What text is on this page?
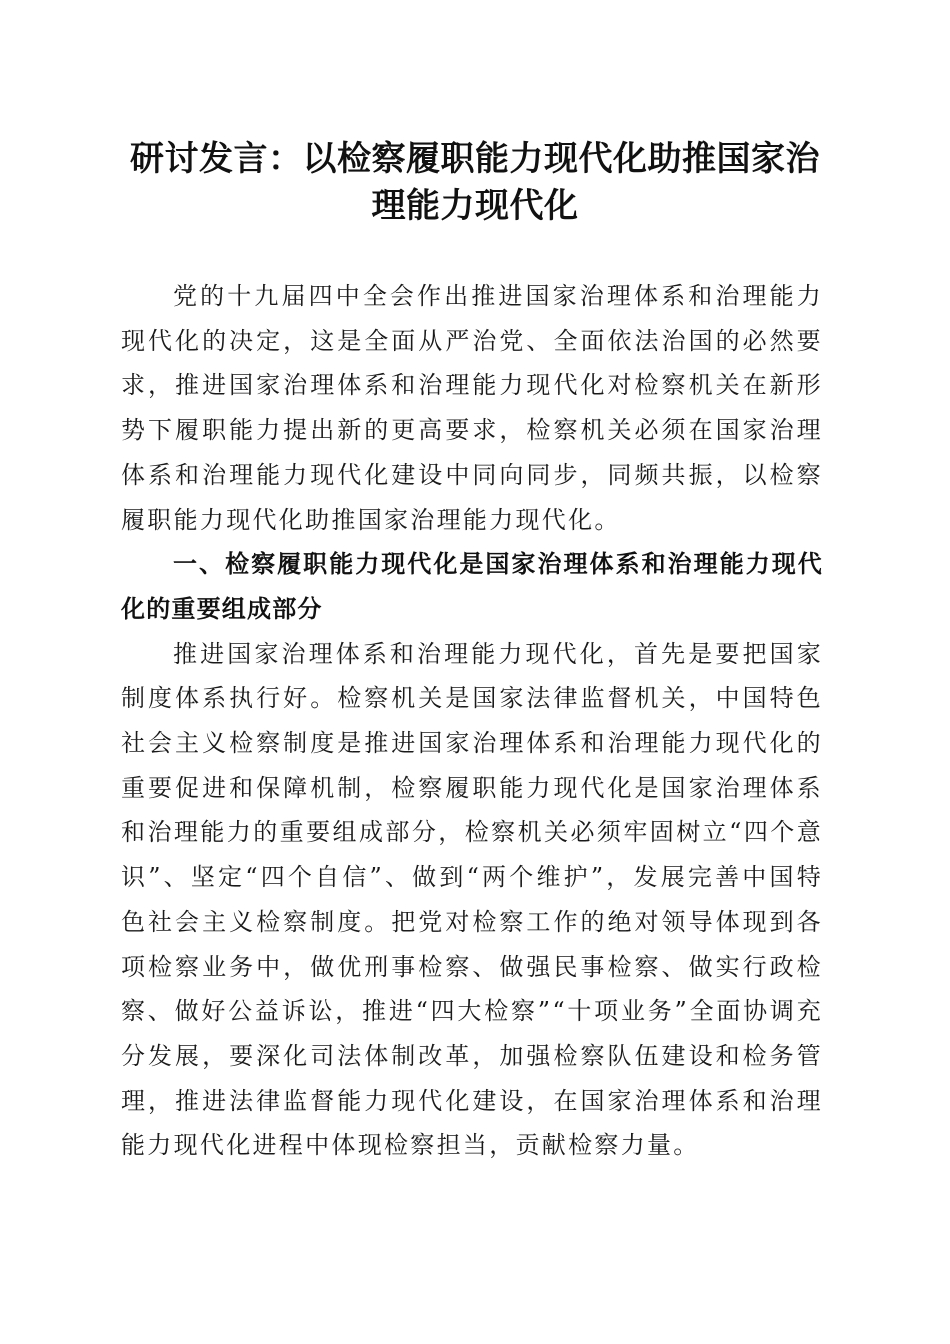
研讨发言：以检察履职能力现代化助推国家治理能力现代化

党的十九届四中全会作出推进国家治理体系和治理能力现代化的决定，这是全面从严治党、全面依法治国的必然要求，推进国家治理体系和治理能力现代化对检察机关在新形势下履职能力提出新的更高要求，检察机关必须在国家治理体系和治理能力现代化建设中同向同步，同频共振，以检察履职能力现代化助推国家治理能力现代化。

一、检察履职能力现代化是国家治理体系和治理能力现代化的重要组成部分

推进国家治理体系和治理能力现代化，首先是要把国家制度体系执行好。检察机关是国家法律监督机关，中国特色社会主义检察制度是推进国家治理体系和治理能力现代化的重要促进和保障机制，检察履职能力现代化是国家治理体系和治理能力的重要组成部分，检察机关必须牢固树立“四个意识”、坚定“四个自信”、做到“两个维护”，发展完善中国特色社会主义检察制度。把党对检察工作的绝对领导体现到各项检察业务中，做优刑事检察、做强民事检察、做实行政检察、做好公益诉讼，推进“四大检察”“十项业务”全面协调充分发展，要深化司法体制改革，加强检察队伍建设和检务管理，推进法律监督能力现代化建设，在国家治理体系和治理能力现代化进程中体现检察担当，贡献检察力量。
